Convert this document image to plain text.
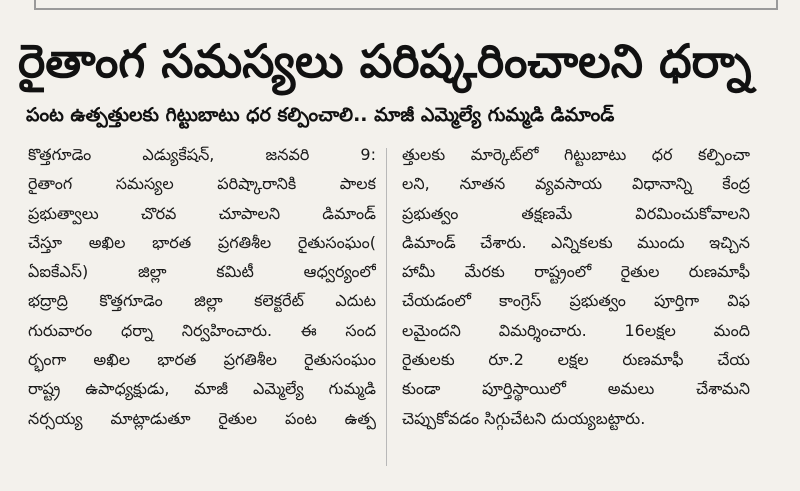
రైతాంగ సమస్యలు పరిష్కరించాలని ధర్నా
పంట ఉత్పత్తులకు గిట్టుబాటు ధర కల్పించాలి.. మాజీ ఎమ్మెల్యే గుమ్మడి డిమాండ్
కొత్తగూడెం ఎడ్యుకేషన్, జనవరి 9:
రైతాంగ సమస్యల పరిష్కారానికి పాలక
ప్రభుత్వాలు చొరవ చూపాలని డిమాండ్
చేస్తూ అఖిల భారత ప్రగతిశీల రైతుసంఘం(
ఏఐకేఎస్) జిల్లా కమిటీ ఆధ్వర్యంలో
భద్రాద్రి కొత్తగూడెం జిల్లా కలెక్టరేట్ ఎదుట
గురువారం ధర్నా నిర్వహించారు. ఈ సంద
ర్భంగా అఖిల భారత ప్రగతిశీల రైతుసంఘం
రాష్ట్ర ఉపాధ్యక్షుడు, మాజీ ఎమ్మెల్యే గుమ్మడి
నర్సయ్య మాట్లాడుతూ రైతుల పంట ఉత్ప
త్తులకు మార్కెట్‌లో గిట్టుబాటు ధర కల్పించా
లని, నూతన వ్యవసాయ విధానాన్ని కేంద్ర
ప్రభుత్వం తక్షణమే విరమించుకోవాలని
డిమాండ్ చేశారు. ఎన్నికలకు ముందు ఇచ్చిన
హామీ మేరకు రాష్ట్రంలో రైతుల రుణమాఫీ
చేయడంలో కాంగ్రెస్ ప్రభుత్వం పూర్తిగా విఫ
లమైందని విమర్శించారు. 16లక్షల మంది
రైతులకు రూ.2 లక్షల రుణమాఫీ చేయ
కుండా పూర్తిస్థాయిలో అమలు చేశామని
చెప్పుకోవడం సిగ్గుచేటని దుయ్యబట్టారు.
